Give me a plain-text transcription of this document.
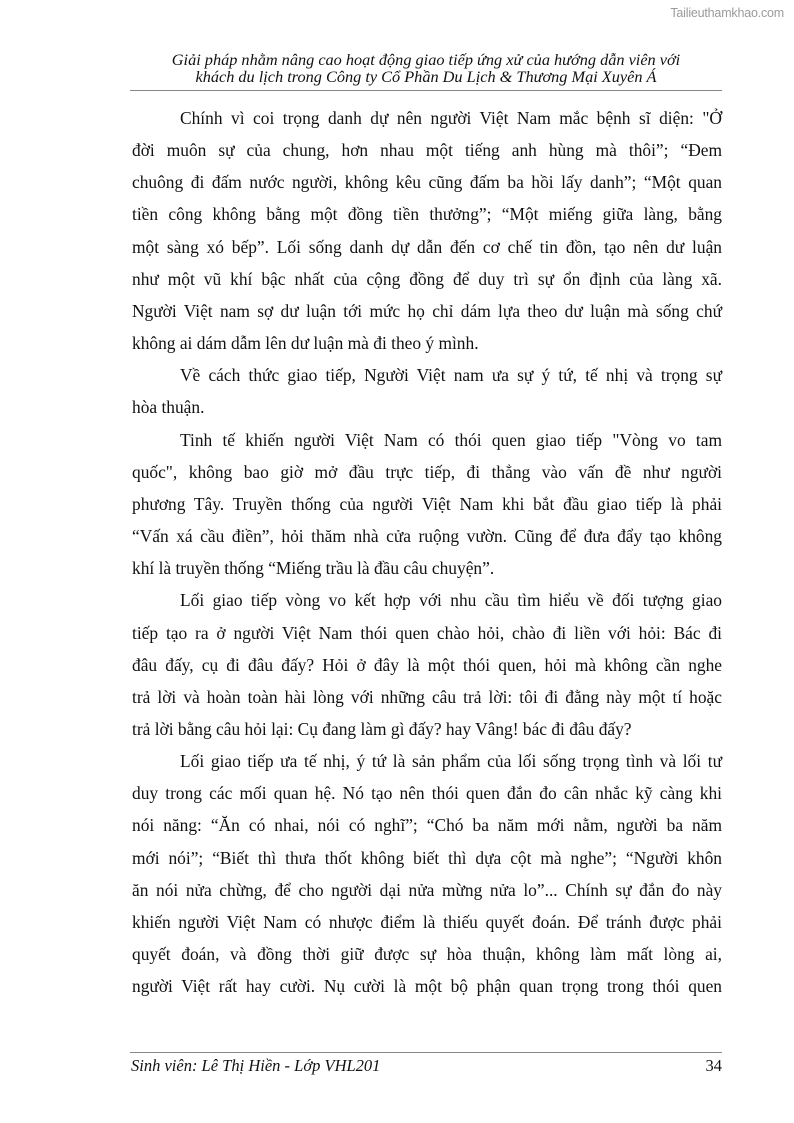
Tailieuthamkhao.com
Giải pháp nhằm nâng cao hoạt động giao tiếp ứng xử của hướng dẫn viên với
khách du lịch trong Công ty Cổ Phần Du Lịch & Thương Mại Xuyên Á
Chính vì coi trọng danh dự nên người Việt Nam mắc bệnh sĩ diện: "Ở
đời muôn sự của chung, hơn nhau một tiếng anh hùng mà thôi”; “Đem
chuông đi đấm nước người, không kêu cũng đấm ba hồi lấy danh”; “Một quan
tiền công không bằng một đồng tiền thưởng”; “Một miếng giữa làng, bằng
một sàng xó bếp”. Lối sống danh dự dẫn đến cơ chế tin đồn, tạo nên dư luận
như một vũ khí bậc nhất của cộng đồng để duy trì sự ổn định của làng xã.
Người Việt nam sợ dư luận tới mức họ chỉ dám lựa theo dư luận mà sống chứ
không ai dám dẫm lên dư luận mà đi theo ý mình.
Về cách thức giao tiếp, Người Việt nam ưa sự ý tứ, tế nhị và trọng sự
hòa thuận.
Tinh tế khiến người Việt Nam có thói quen giao tiếp "Vòng vo tam
quốc", không bao giờ mở đầu trực tiếp, đi thẳng vào vấn đề như người
phương Tây. Truyền thống của người Việt Nam khi bắt đầu giao tiếp là phải
“Vấn xá cầu điền”, hỏi thăm nhà cửa ruộng vườn. Cũng để đưa đẩy tạo không
khí là truyền thống “Miếng trầu là đầu câu chuyện”.
Lối giao tiếp vòng vo kết hợp với nhu cầu tìm hiểu về đối tượng giao
tiếp tạo ra ở người Việt Nam thói quen chào hỏi, chào đi liền với hỏi: Bác đi
đâu đấy, cụ đi đâu đấy? Hỏi ở đây là một thói quen, hỏi mà không cần nghe
trả lời và hoàn toàn hài lòng với những câu trả lời: tôi đi đằng này một tí hoặc
trả lời bằng câu hỏi lại: Cụ đang làm gì đấy? hay Vâng! bác đi đâu đấy?
Lối giao tiếp ưa tế nhị, ý tứ là sản phẩm của lối sống trọng tình và lối tư
duy trong các mối quan hệ. Nó tạo nên thói quen đắn đo cân nhắc kỹ càng khi
nói năng: “Ăn có nhai, nói có nghĩ”; “Chó ba năm mới nằm, người ba năm
mới nói”; “Biết thì thưa thốt không biết thì dựa cột mà nghe”; “Người khôn
ăn nói nửa chừng, để cho người dại nửa mừng nửa lo”... Chính sự đắn đo này
khiến người Việt Nam có nhược điểm là thiếu quyết đoán. Để tránh được phải
quyết đoán, và đồng thời giữ được sự hòa thuận, không làm mất lòng ai,
người Việt rất hay cười. Nụ cười là một bộ phận quan trọng trong thói quen
Sinh viên: Lê Thị Hiền - Lớp VHL201	34
